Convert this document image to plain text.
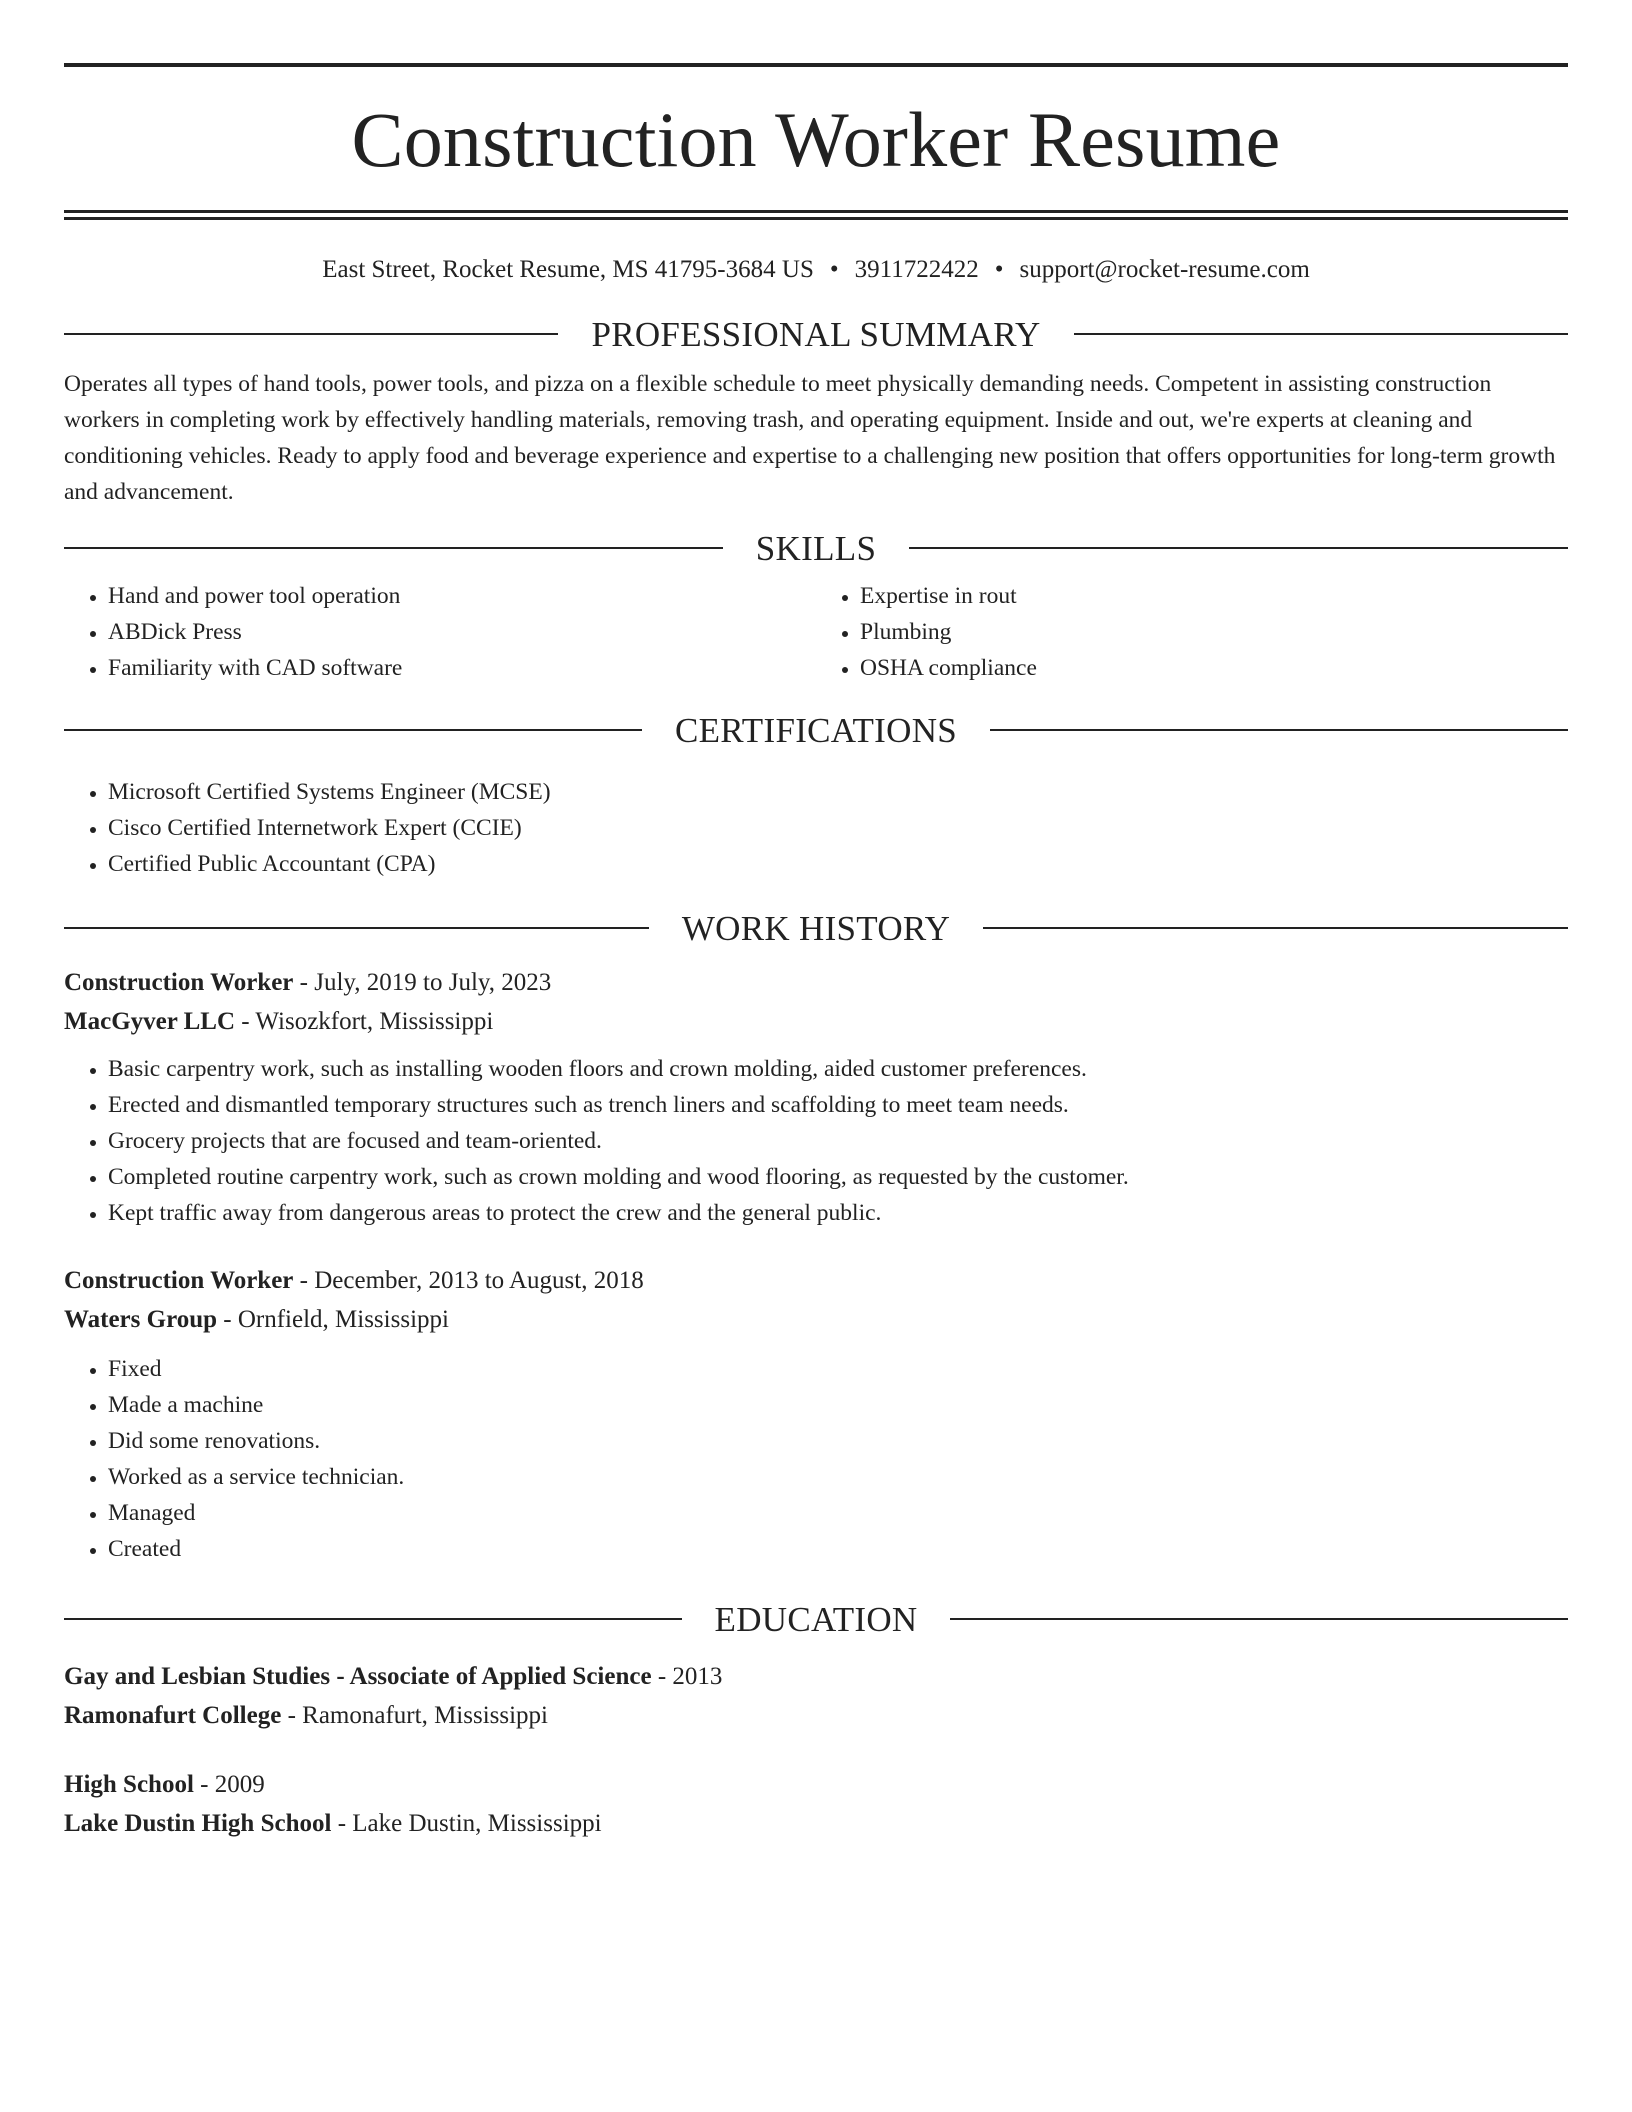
Construction Worker Resume
East Street, Rocket Resume, MS 41795-3684 US • 3911722422 • support@rocket-resume.com
PROFESSIONAL SUMMARY

Operates all types of hand tools, power tools, and pizza on a flexible schedule to meet physically demanding needs. Competent in assisting construction workers in completing work by effectively handling materials, removing trash, and operating equipment. Inside and out, we're experts at cleaning and conditioning vehicles. Ready to apply food and beverage experience and expertise to a challenging new position that offers opportunities for long-term growth and advancement.

SKILLS
• Hand and power tool operation
• ABDick Press
• Familiarity with CAD software
• Expertise in rout
• Plumbing
• OSHA compliance
CERTIFICATIONS
• Microsoft Certified Systems Engineer (MCSE)
• Cisco Certified Internetwork Expert (CCIE)
• Certified Public Accountant (CPA)
WORK HISTORY
Construction Worker - July, 2019 to July, 2023
MacGyver LLC - Wisozkfort, Mississippi
• Basic carpentry work, such as installing wooden floors and crown molding, aided customer preferences.
• Erected and dismantled temporary structures such as trench liners and scaffolding to meet team needs.
• Grocery projects that are focused and team-oriented.
• Completed routine carpentry work, such as crown molding and wood flooring, as requested by the customer.
• Kept traffic away from dangerous areas to protect the crew and the general public.
Construction Worker - December, 2013 to August, 2018
Waters Group - Ornfield, Mississippi
• Fixed
• Made a machine
• Did some renovations.
• Worked as a service technician.
• Managed
• Created
EDUCATION
Gay and Lesbian Studies - Associate of Applied Science - 2013
Ramonafurt College - Ramonafurt, Mississippi
High School - 2009
Lake Dustin High School - Lake Dustin, Mississippi
